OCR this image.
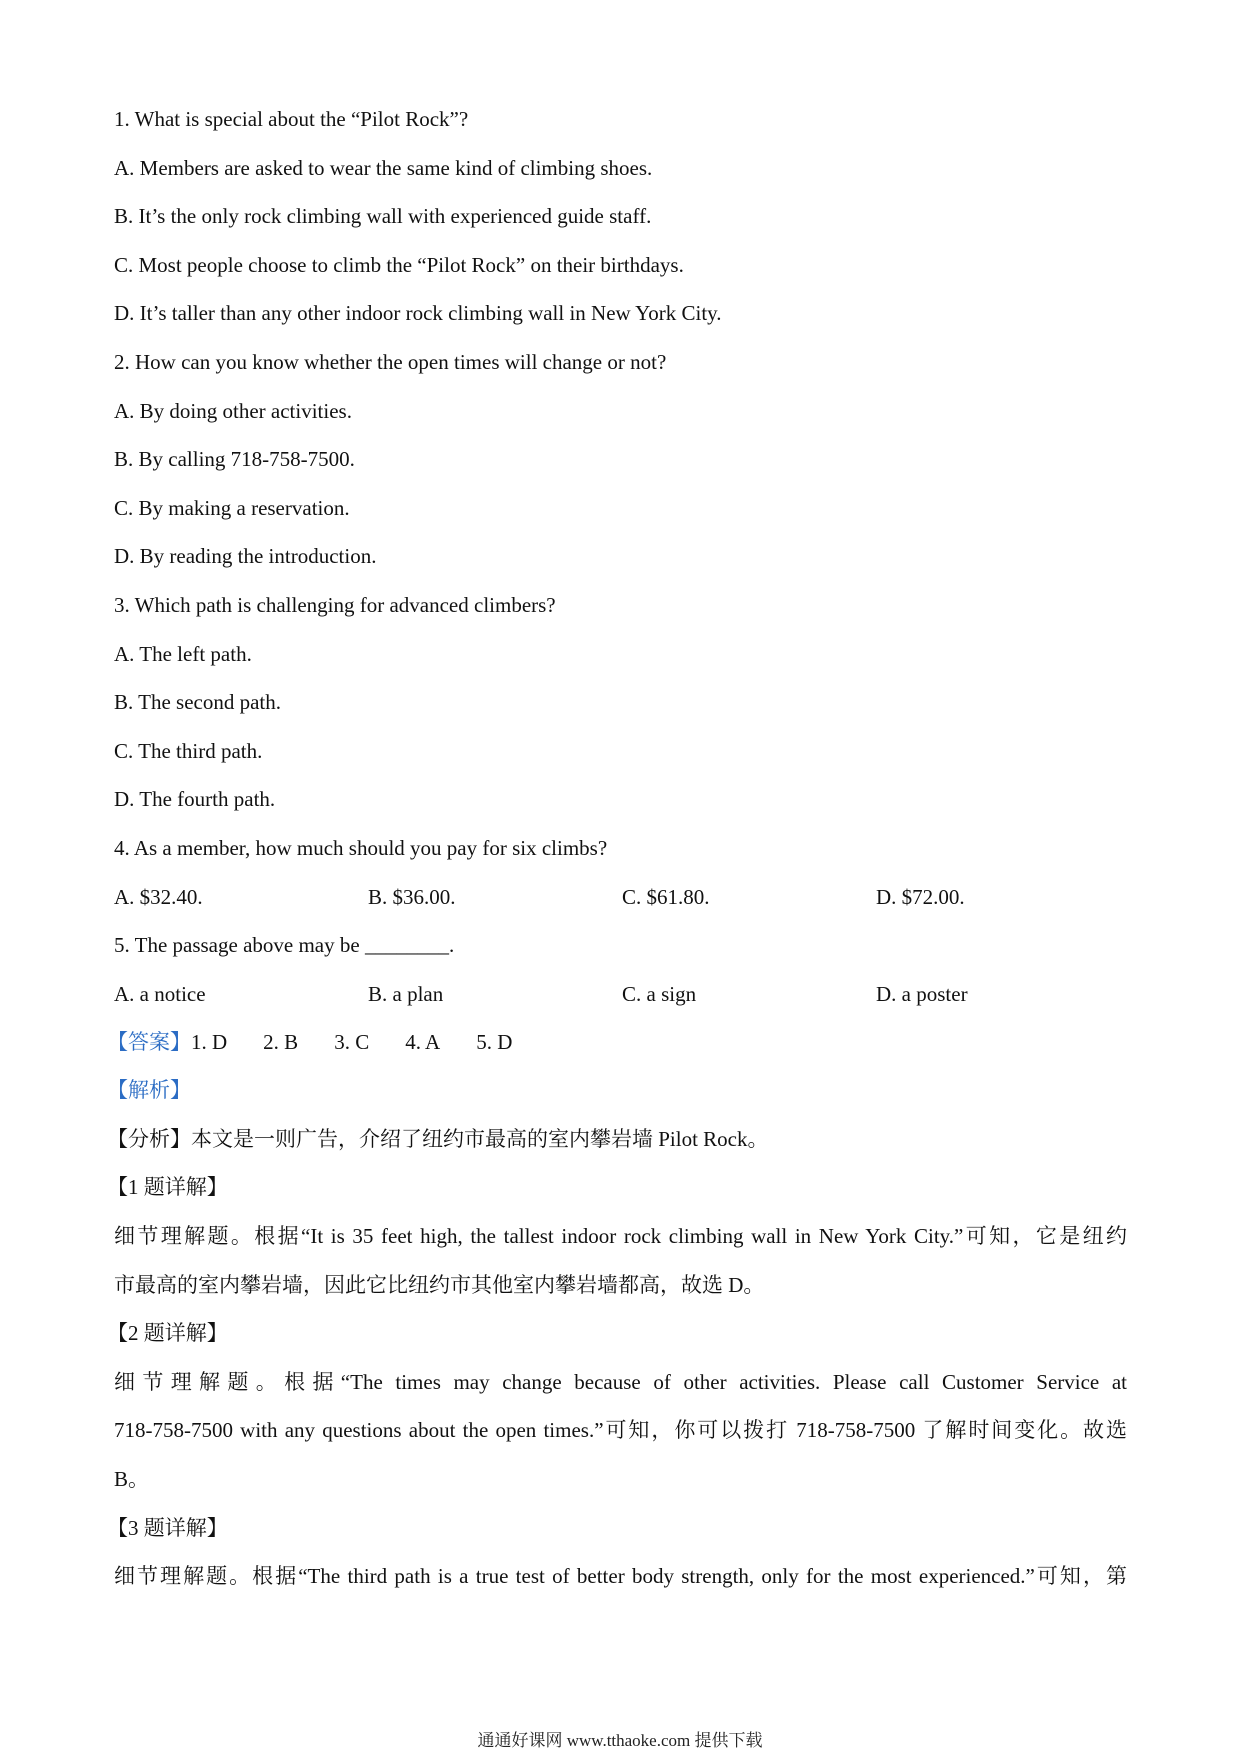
1. What is special about the “Pilot Rock”?
A. Members are asked to wear the same kind of climbing shoes.
B. It’s the only rock climbing wall with experienced guide staff.
C. Most people choose to climb the “Pilot Rock” on their birthdays.
D. It’s taller than any other indoor rock climbing wall in New York City.
2. How can you know whether the open times will change or not?
A. By doing other activities.
B. By calling 718-758-7500.
C. By making a reservation.
D. By reading the introduction.
3. Which path is challenging for advanced climbers?
A. The left path.
B. The second path.
C. The third path.
D. The fourth path.
4. As a member, how much should you pay for six climbs?
A. $32.40.	B. $36.00.	C. $61.80.	D. $72.00.
5. The passage above may be ________.
A. a notice	B. a plan	C. a sign	D. a poster
【答案】1. D 2. B 3. C 4. A 5. D
【解析】
【分析】本文是一则广告，介绍了纽约市最高的室内攀岩墙 Pilot Rock。
【1 题详解】
细节理解题。根据“It is 35 feet high, the tallest indoor rock climbing wall in New York City.”可知，它是纽约
市最高的室内攀岩墙，因此它比纽约市其他室内攀岩墙都高，故选 D。
【2 题详解】
细节理解题。根据“The times may change because of other activities. Please call Customer Service at
718-758-7500 with any questions about the open times.”可知，你可以拨打 718-758-7500 了解时间变化。故选
B。
【3 题详解】
细节理解题。根据“The third path is a true test of better body strength, only for the most experienced.”可知，第
通通好课网 www.tthaoke.com 提供下载
